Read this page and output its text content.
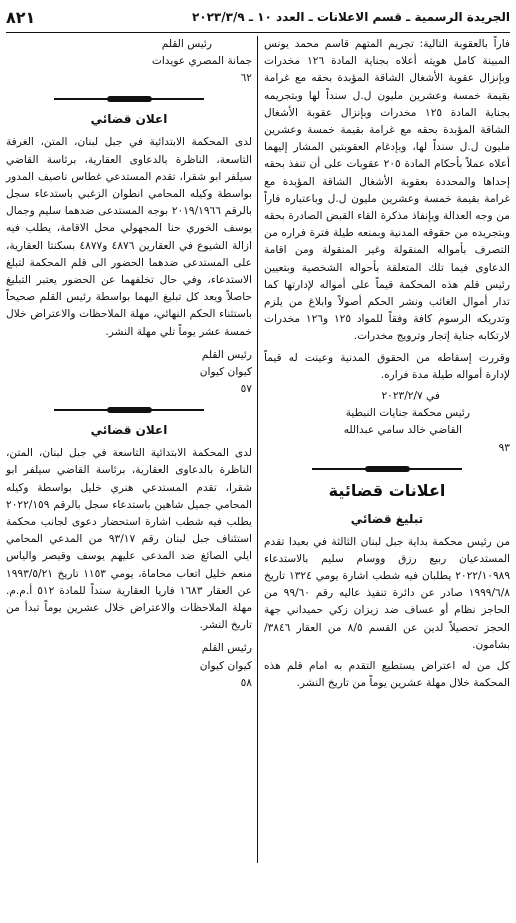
الجريدة الرسمية ـ قسم الاعلانات ـ العدد ١٠ ـ ٢٠٢٣/٣/٩
٨٢١

فاراً بالعقوبة التالية: تجريم المتهم قاسم محمد يونس المبينة كامل هويته أعلاه بجناية المادة ١٢٦ مخدرات وبإنزال عقوبة الأشغال الشاقة المؤبدة بحقه مع غرامة بقيمة خمسة وعشرين مليون ل.ل سنداً لها وبتجريمه بجناية المادة ١٢٥ مخدرات وبإنزال عقوبة الأشغال الشاقة المؤبدة بحقه مع غرامة بقيمة خمسة وعشرين مليون ل.ل سنداً لها، وبإدغام العقوبتين المشار إليهما أعلاه عملاً بأحكام المادة ٢٠٥ عقوبات على أن تنفذ بحقه إحداها والمحددة بعقوبة الأشغال الشاقة المؤبدة مع غرامة بقيمة خمسة وعشرين مليون ل.ل وباعتباره فاراً من وجه العدالة وبإنفاذ مذكرة القاء القبض الصادرة بحقه وبتجريده من حقوقه المدنية وبمنعه طيلة فترة فراره من التصرف بأمواله المنقولة وغير المنقولة ومن اقامة الدعاوى فيما تلك المتعلقة بأحواله الشخصية وبتعيين رئيس قلم هذه المحكمة قيماً على أمواله لإدارتها كما تدار أموال الغائب ونشر الحكم أصولاً وابلاغ من يلزم وتدريكه الرسوم كافة وفقاً للمواد ١٢٥ و١٢٦ مخدرات لارتكابه جناية إتجار وترويج مخدرات.

وقررت إسقاطه من الحقوق المدنية وعينت له قيماً لإدارة أمواله طيلة مدة فراره.

في ٢٠٢٣/٢/٧

رئيس محكمة جنايات النبطية

القاضي خالد سامي عبدالله

٩٣

اعلانات قضائية
تبليغ قضائي

من رئيس محكمة بداية جبل لبنان الثالثة في بعبدا تقدم المستدعيان ربيع رزق ووسام سليم بالاستدعاء ٢٠٢٢/١٠٩٨٩ يطلبان فيه شطب اشارة يومي ١٣٢٤ تاريخ ١٩٩٩/٦/٨ صادر عن دائرة تنفيذ عاليه رقم ٩٩/٦٠ من الحاجز نظام أو عساف ضد زيزان زكي حميداني جهة الحجز تحصيلاً لدين عن القسم ٨/٥ من العقار ٣٨٤٦/ بشامون.

كل من له اعتراض يستطيع التقدم به امام قلم هذه المحكمة خلال مهلة عشرين يوماً من تاريخ النشر.

رئيس القلم

جمانة المصري عويدات

٦٢

اعلان قضائي

لدى المحكمة الابتدائية في جبل لبنان، المتن، الغرفة التاسعة، الناظرة بالدعاوى العقارية، برئاسة القاضي سيلفر ابو شقرا، تقدم المستدعي غطاس ناصيف المدور بواسطة وكيله المحامي انطوان الزغبي باستدعاء سجل بالرقم ٢٠١٩/١٩٦٦ بوجه المستدعى ضدهما سليم وجمال يوسف الخوري حنا المجهولي محل الاقامة، يطلب فيه ازالة الشيوع في العقارين ٤٨٧٦ و٤٨٧٧ بسكنتا العقارية، على المستدعى ضدهما الحضور الى قلم المحكمة لتبلغ الاستدعاء، وفي حال تخلفهما عن الحضور يعتبر التبليغ حاصلاً ويعد كل تبليغ اليهما بواسطة رئيس القلم صحيحاً باستثناء الحكم النهائي، مهلة الملاحظات والاعتراض خلال خمسة عشر يوماً تلي مهلة النشر.

رئيس القلم

كيوان كيوان

٥٧

اعلان قضائي

لدى المحكمة الابتدائية التاسعة في جبل لبنان، المتن، الناظرة بالدعاوى العقارية، برئاسة القاضي سيلفر ابو شقرا، تقدم المستدعي هنري خليل بواسطة وكيله المحامي جميل شاهين باستدعاء سجل بالرقم ٢٠٢٢/١٥٩ يطلب فيه شطب اشارة استحضار دعوى لجانب محكمة استئناف جبل لبنان رقم ٩٣/١٧ من المدعي المحامي ايلي الصائغ ضد المدعى عليهم يوسف وقيصر والياس منعم خليل اتعاب محاماة، يومي ١١٥٣ تاريخ ١٩٩٣/٥/٢١ عن العقار ١٦٨٣ فاريا العقارية سنداً للمادة ٥١٢ أ.م.م. مهلة الملاحظات والاعتراض خلال عشرين يوماً تبدأ من تاريخ النشر.

رئيس القلم

كيوان كيوان

٥٨
